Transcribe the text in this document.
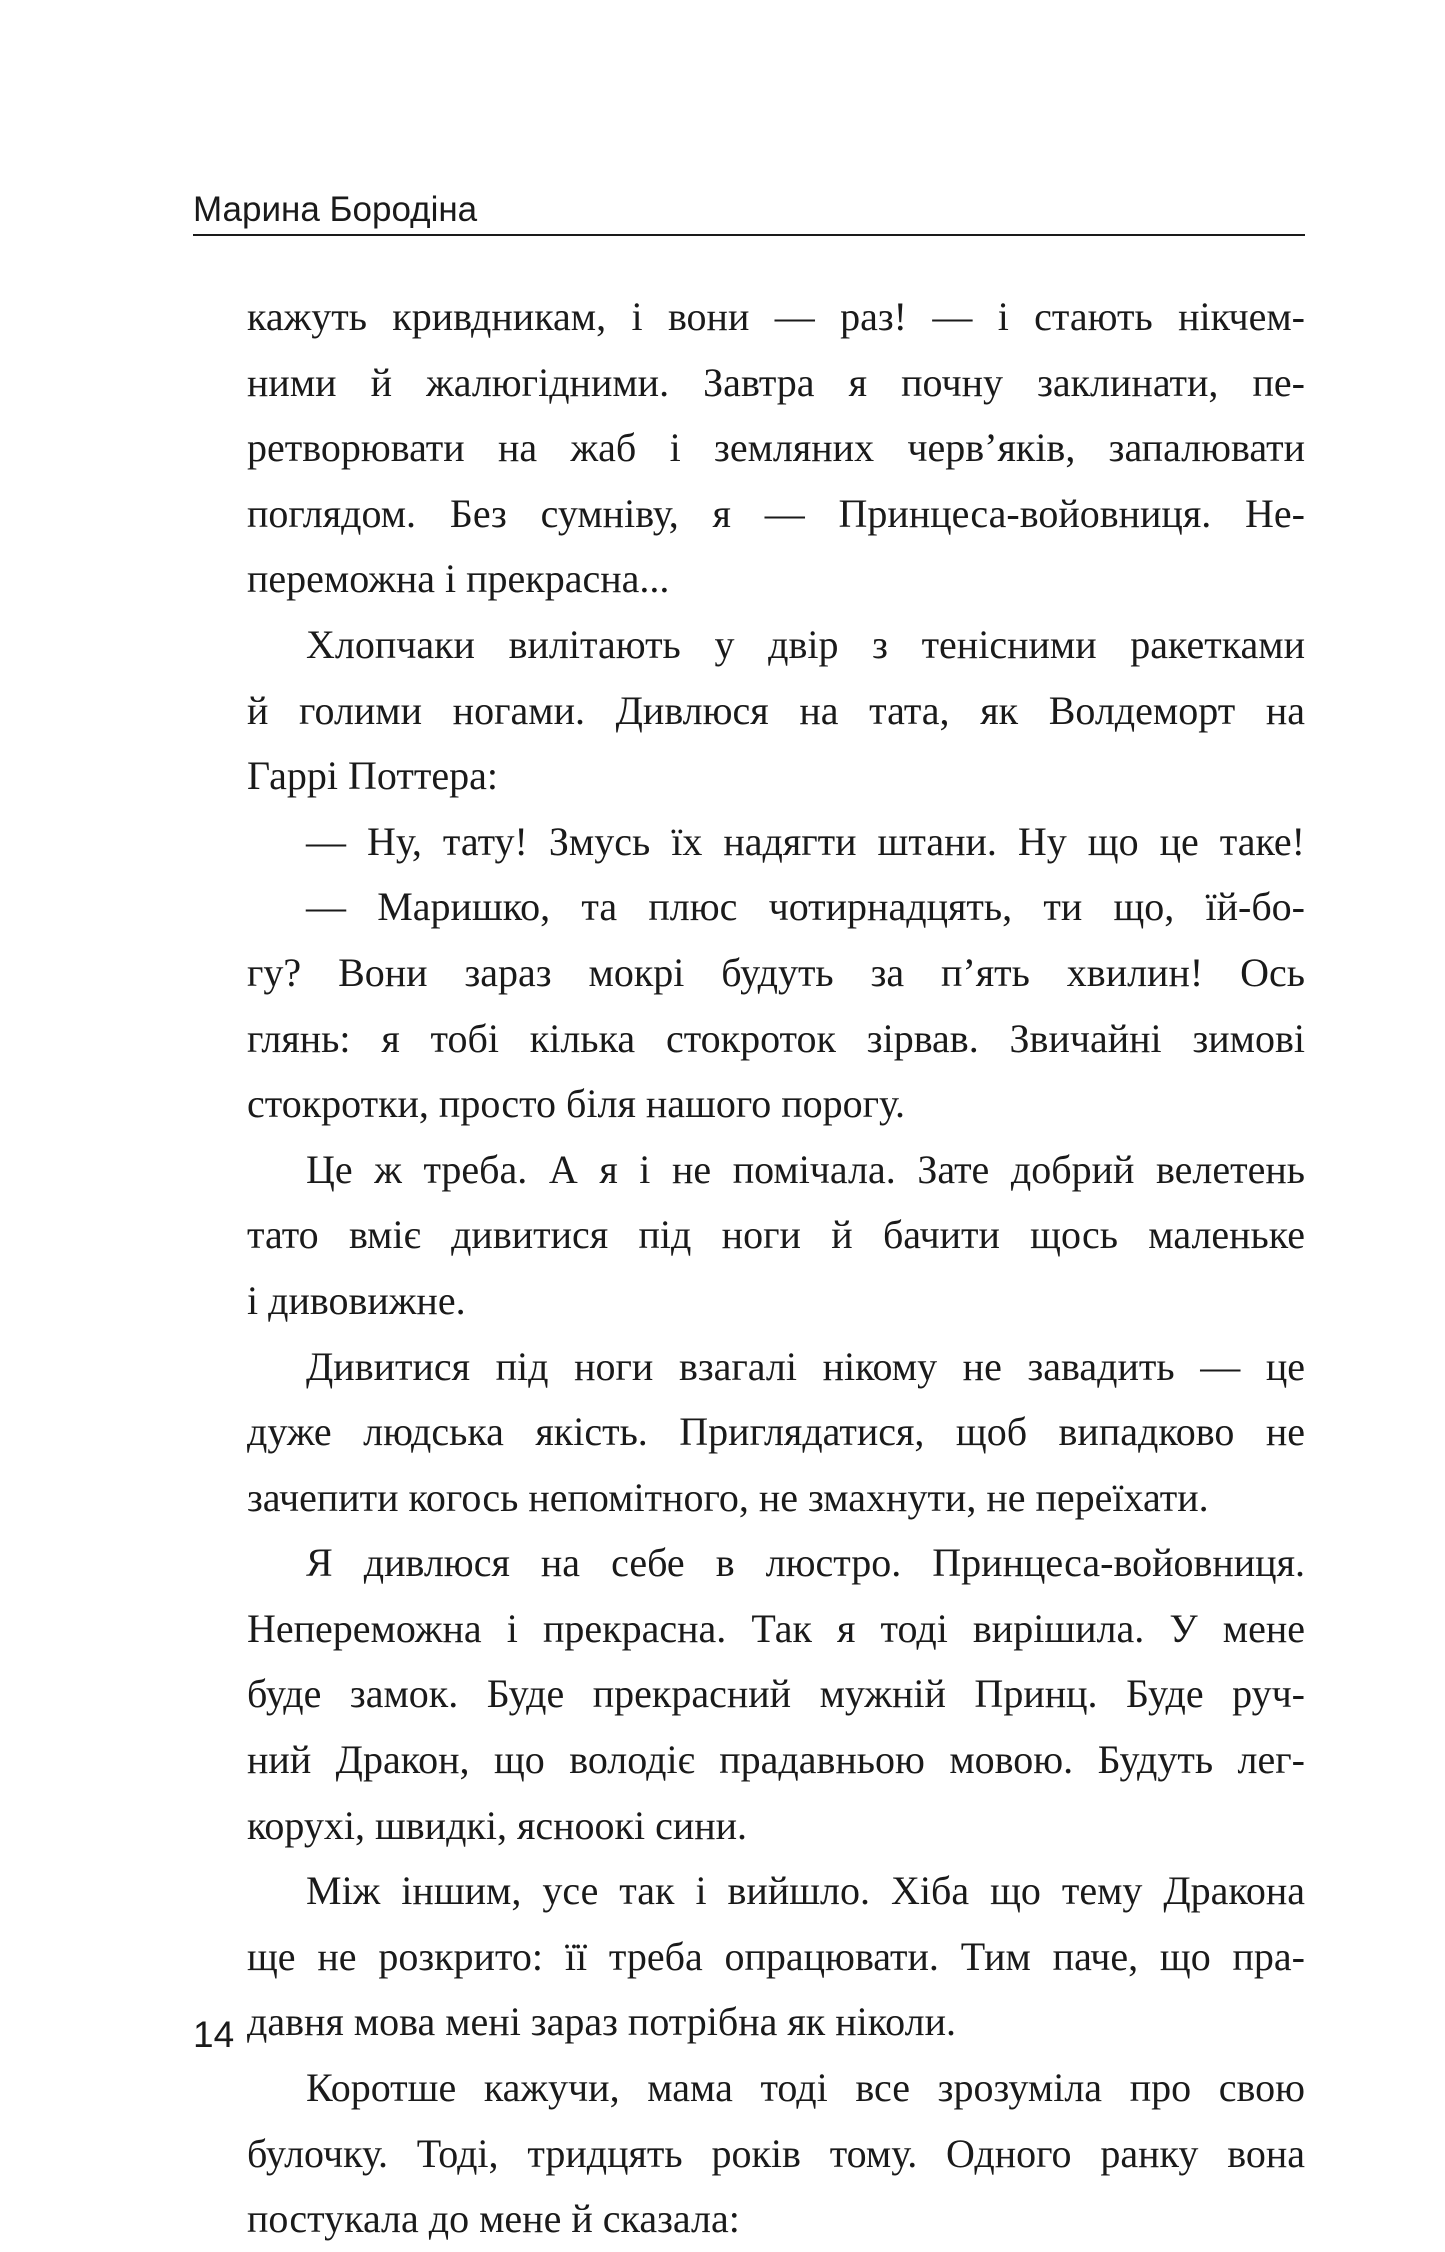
Марина Бородіна
кажуть кривдникам, і вони — раз! — і стають нікчем-
ними й жалюгідними. Завтра я почну заклинати, пе-
ретворювати на жаб і земляних черв’яків, запалювати
поглядом. Без сумніву, я — Принцеса-войовниця. Не-
переможна і прекрасна...
Хлопчаки вилітають у двір з тенісними ракетками
й голими ногами. Дивлюся на тата, як Волдеморт на
Гаррі Поттера:
— Ну, тату! Змусь їх надягти штани. Ну що це таке!
— Маришко, та плюс чотирнадцять, ти що, їй-бо-
гу? Вони зараз мокрі будуть за п’ять хвилин! Ось
глянь: я тобі кілька стокроток зірвав. Звичайні зимові
стокротки, просто біля нашого порогу.
Це ж треба. А я і не помічала. Зате добрий велетень
тато вміє дивитися під ноги й бачити щось маленьке
і дивовижне.
Дивитися під ноги взагалі нікому не завадить — це
дуже людська якість. Приглядатися, щоб випадково не
зачепити когось непомітного, не змахнути, не переїхати.
Я дивлюся на себе в люстро. Принцеса-войовниця.
Непереможна і прекрасна. Так я тоді вирішила. У мене
буде замок. Буде прекрасний мужній Принц. Буде руч-
ний Дракон, що володіє прадавньою мовою. Будуть лег-
корухі, швидкі, ясноокі сини.
Між іншим, усе так і вийшло. Хіба що тему Дракона
ще не розкрито: її треба опрацювати. Тим паче, що пра-
давня мова мені зараз потрібна як ніколи.
Коротше кажучи, мама тоді все зрозуміла про свою
булочку. Тоді, тридцять років тому. Одного ранку вона
постукала до мене й сказала:
14
